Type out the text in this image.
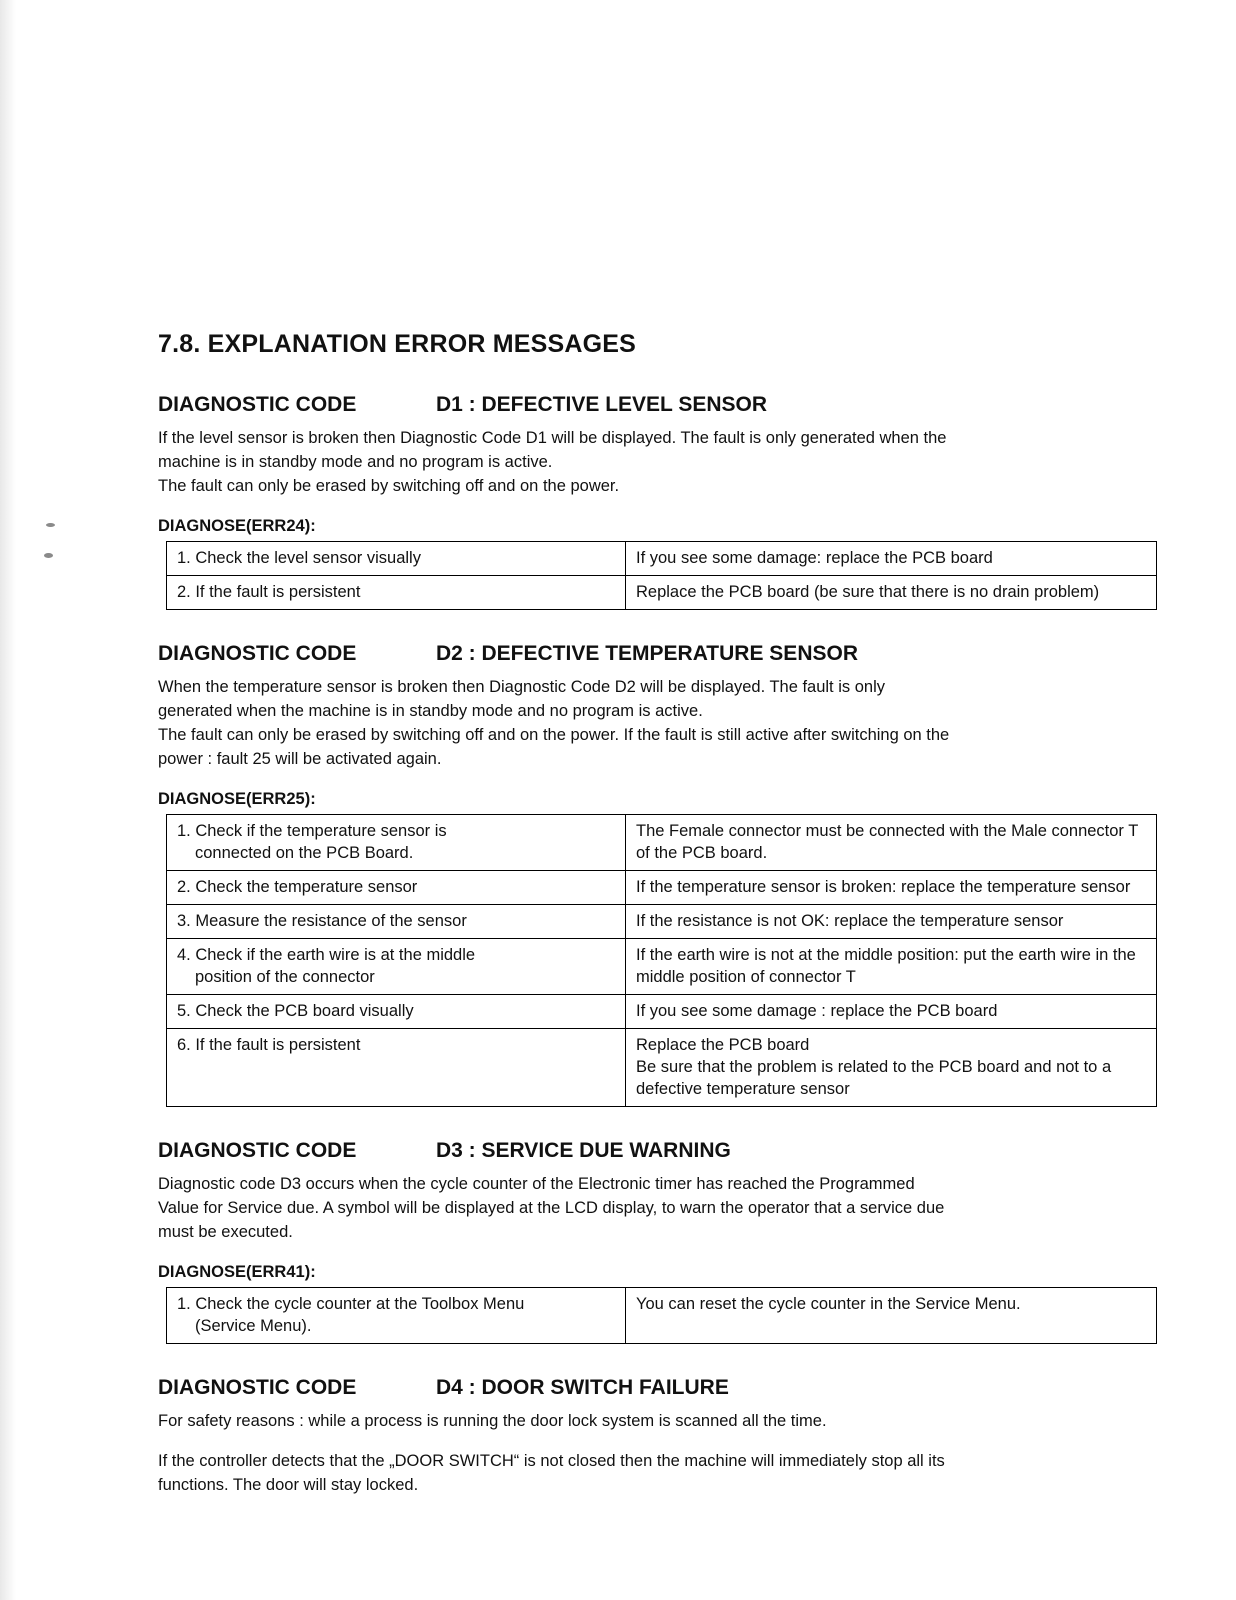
7.8. EXPLANATION ERROR MESSAGES
DIAGNOSTIC CODE	D1 : DEFECTIVE LEVEL SENSOR

If the level sensor is broken then Diagnostic Code D1 will be displayed. The fault is only generated when the

machine is in standby mode and no program is active.

The fault can only be erased by switching off and on the power.

DIAGNOSE(ERR24):
1. Check the level sensor visually	If you see some damage: replace the PCB board
2. If the fault is persistent	Replace the PCB board (be sure that there is no drain problem)
DIAGNOSTIC CODE	D2 : DEFECTIVE TEMPERATURE SENSOR

When the temperature sensor is broken then Diagnostic Code D2 will be displayed. The fault is only

generated when the machine is in standby mode and no program is active.

The fault can only be erased by switching off and on the power. If the fault is still active after switching on the

power : fault 25 will be activated again.

DIAGNOSE(ERR25):
1. Check if the temperature sensor is
connected on the PCB Board.	The Female connector must be connected with the Male connector T of the PCB board.
2. Check the temperature sensor	If the temperature sensor is broken: replace the temperature sensor
3. Measure the resistance of the sensor	If the resistance is not OK: replace the temperature sensor
4. Check if the earth wire is at the middle
position of the connector	If the earth wire is not at the middle position: put the earth wire in the middle position of connector T
5. Check the PCB board visually	If you see some damage : replace the PCB board
6. If the fault is persistent	Replace the PCB board
Be sure that the problem is related to the PCB board and not to a defective temperature sensor
DIAGNOSTIC CODE	D3 : SERVICE DUE WARNING

Diagnostic code D3 occurs when the cycle counter of the Electronic timer has reached the Programmed

Value for Service due. A symbol will be displayed at the LCD display, to warn the operator that a service due

must be executed.

DIAGNOSE(ERR41):
1. Check the cycle counter at the Toolbox Menu
(Service Menu).
	You can reset the cycle counter in the Service Menu.
DIAGNOSTIC CODE	D4 : DOOR SWITCH FAILURE

For safety reasons : while a process is running the door lock system is scanned all the time.

If the controller detects that the „DOOR SWITCH“ is not closed then the machine will immediately stop all its

functions. The door will stay locked.
